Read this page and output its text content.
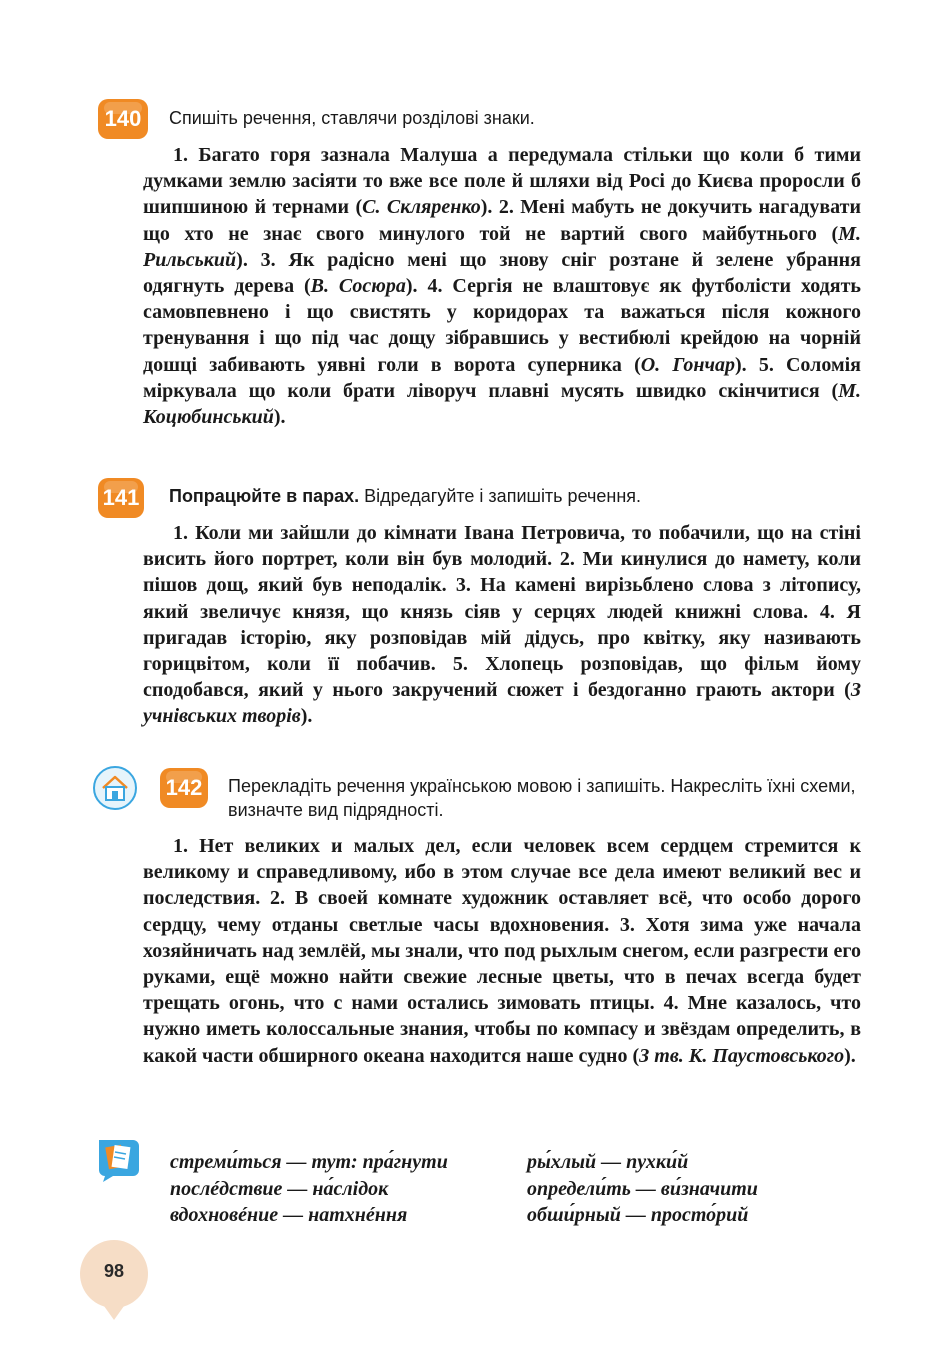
140	Спишіть речення, ставлячи розділові знаки.

1. Багато горя зазнала Малуша а передумала стільки що коли б тими думками землю засіяти то вже все поле й шляхи від Росі до Києва проросли б шипшиною й тернами (С. Скляренко). 2. Мені мабуть не докучить нагадувати що хто не знає свого минулого той не вартий свого майбутнього (М. Рильський). 3. Як радісно мені що знову сніг розтане й зелене убрання одягнуть дерева (В. Сосюра). 4. Сергія не влаштовує як футболісти ходять самовпевнено і що свистять у коридорах та важаться після кожного тренування і що під час дощу зібравшись у вестибюлі крейдою на чорній дошці забивають уявні голи в ворота суперника (О. Гончар). 5. Соломія міркувала що коли брати ліворуч плавні мусять швидко скінчитися (М. Коцюбинський).

141 Попрацюйте в парах. Відредагуйте і запишіть речення.

1. Коли ми зайшли до кімнати Івана Петровича, то побачили, що на стіні висить його портрет, коли він був молодий. 2. Ми кинулися до намету, коли пішов дощ, який був неподалік. 3. На камені вирізьблено слова з літопису, який звеличує князя, що князь сіяв у серцях людей книжні слова. 4. Я пригадав історію, яку розповідав мій дідусь, про квітку, яку називають горицвітом, коли її побачив. 5. Хлопець розповідав, що фільм йому сподобався, який у нього закручений сюжет і бездоганно грають актори (З учнівських творів).

142	Перекладіть речення українською мовою і запишіть. Накресліть їхні схеми, визначте вид підрядності.

1. Нет великих и малых дел, если человек всем сердцем стремится к великому и справедливому, ибо в этом случае все дела имеют великий вес и последствия. 2. В своей комнате художник оставляет всё, что особо дорого сердцу, чему отданы светлые часы вдохновения. 3. Хотя зима уже начала хозяйничать над землёй, мы знали, что под рыхлым снегом, если разгрести его руками, ещё можно найти свежие лесные цветы, что в печах всегда будет трещать огонь, что с нами остались зимовать птицы. 4. Мне казалось, что нужно иметь колоссальные знания, чтобы по компасу и звёздам определить, в какой части обширного океана находится наше судно (З тв. К. Паустовського).

стреми́ться — тут: пра́гнути
послéдствие — на́слідок
вдохновéние — натхнéння
ры́хлый — пухки́й
определи́ть — ви́значити
обши́рный — просто́рий
98
